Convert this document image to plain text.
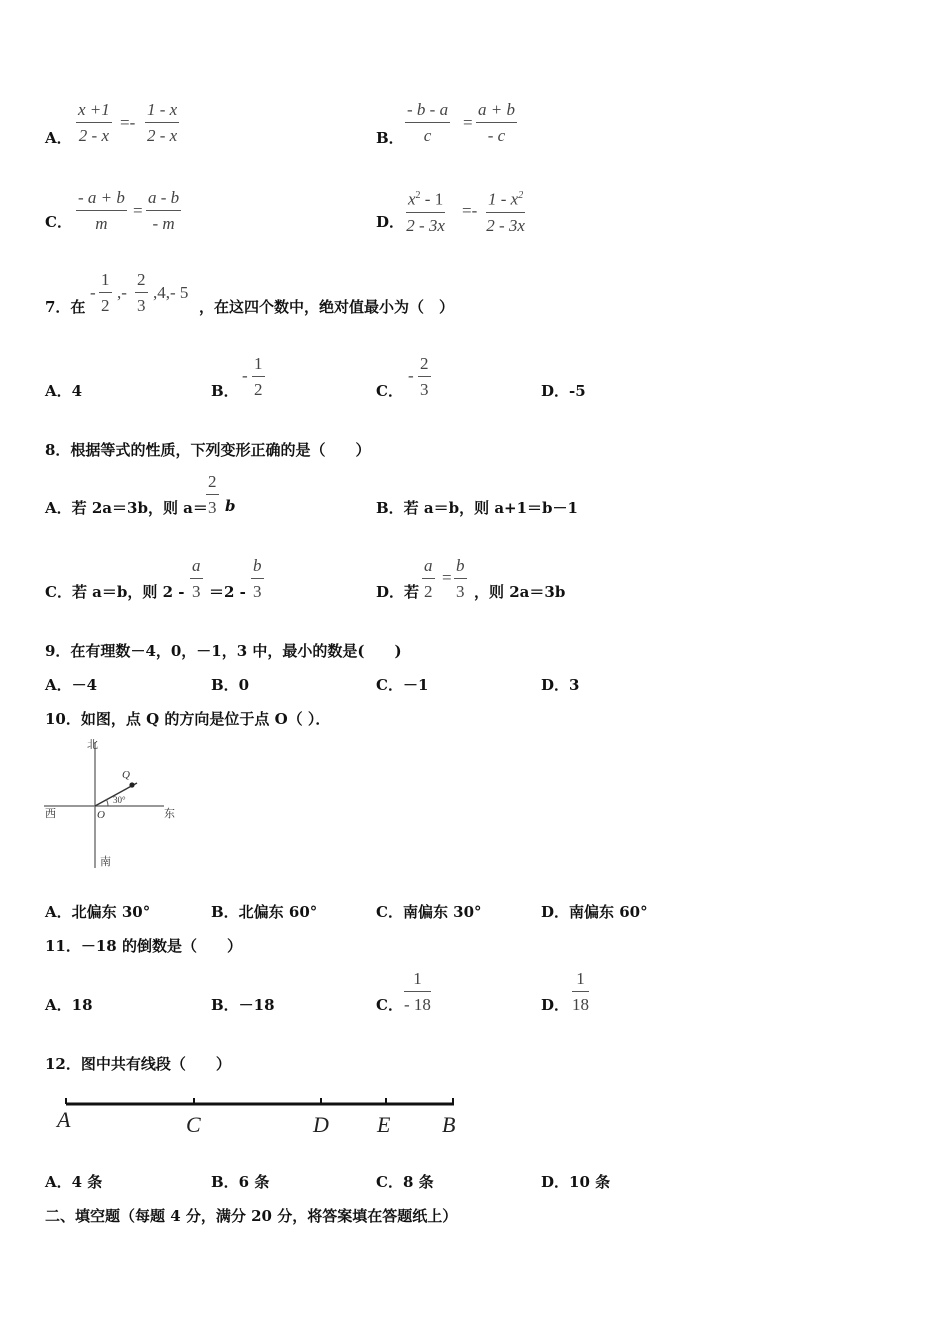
A． $\frac{x +1}{2 - x} =- \frac{1 - x}{2 - x}$	B． $\frac{- b - a}{c} = \frac{a + b}{- c}$
C． $\frac{- a + b}{m} = \frac{a - b}{- m}$	D． $\frac{x^2 - 1}{2 - 3x} =- \frac{1 - x^2}{2 - 3x}$
7．在
- $\frac{1}{2}$ ,- $\frac{2}{3} ,4,-$ 5
，在这四个数中，绝对值最小为（　）
A．4	B．
- $\frac{1}{2}$	C．
- $\frac{2}{3}$	D．-5
8．根据等式的性质，下列变形正确的是（　　）
A．若 2a＝3b，则 a＝
$\frac{2}{3}$ b	B．若 a＝b，则 a+1＝b－1
C．若 a＝b，则 $2 - \frac{a}{3} =2 - \frac{b}{3}$	D．若 $\frac{a}{2} = \frac{b}{3}$ ，则 2a＝3b
9．在有理数－4，0，－1，3 中，最小的数是(　　)
A．－4	B．0	C．－1	D．3
10．如图，点 Q 的方向是位于点 O（ ）．
北
南
西	东
O
Q
30°
A．北偏东 30°	B．北偏东 60°	C．南偏东 30°	D．南偏东 60°
11．－18 的倒数是（　　）
A．18	B．－18	C． $\frac{1}{- 18}$	D． $\frac{1}{18}$
12．图中共有线段（　　）
A	C	D E B
A．4 条	B．6 条	C．8 条	D．10 条
二、填空题（每题 4 分，满分 20 分，将答案填在答题纸上）
